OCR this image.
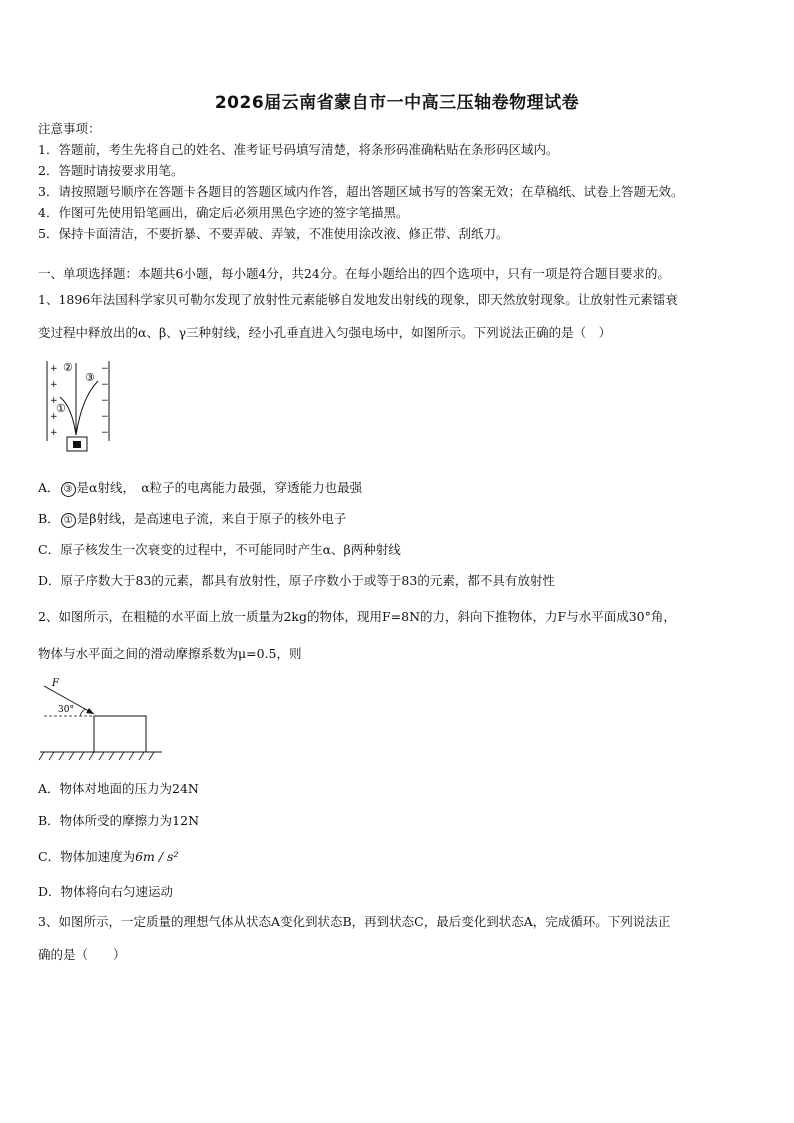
2026届云南省蒙自市一中高三压轴卷物理试卷
注意事项：
1．答题前，考生先将自己的姓名、准考证号码填写清楚，将条形码准确粘贴在条形码区域内。
2．答题时请按要求用笔。
3．请按照题号顺序在答题卡各题目的答题区域内作答，超出答题区域书写的答案无效；在草稿纸、试卷上答题无效。
4．作图可先使用铅笔画出，确定后必须用黑色字迹的签字笔描黑。
5．保持卡面清洁，不要折暴、不要弄破、弄皱，不准使用涂改液、修正带、刮纸刀。
一、单项选择题：本题共6小题，每小题4分，共24分。在每小题给出的四个选项中，只有一项是符合题目要求的。
1、1896年法国科学家贝可勒尔发现了放射性元素能够自发地发出射线的现象，即天然放射现象。让放射性元素镭衰
变过程中释放出的α、β、γ三种射线，经小孔垂直进入匀强电场中，如图所示。下列说法正确的是（　）
+
+
+
+
+
−
−
−
−
−
①
②
③
A． ③ 是α射线，　α粒子的电离能力最强，穿透能力也最强
B． ① 是β射线，是高速电子流，来自于原子的核外电子
C．原子核发生一次衰变的过程中，不可能同时产生α、β两种射线
D．原子序数大于83的元素，都具有放射性，原子序数小于或等于83的元素，都不具有放射性
2、如图所示，在粗糙的水平面上放一质量为2kg的物体，现用F=8N的力，斜向下推物体，力F与水平面成30°角，
物体与水平面之间的滑动摩擦系数为μ=0.5，则
F
30°
A．物体对地面的压力为24N
B．物体所受的摩擦力为12N
C．物体加速度为6m / s²
D．物体将向右匀速运动
3、如图所示，一定质量的理想气体从状态A变化到状态B，再到状态C，最后变化到状态A，完成循环。下列说法正
确的是（　　）
